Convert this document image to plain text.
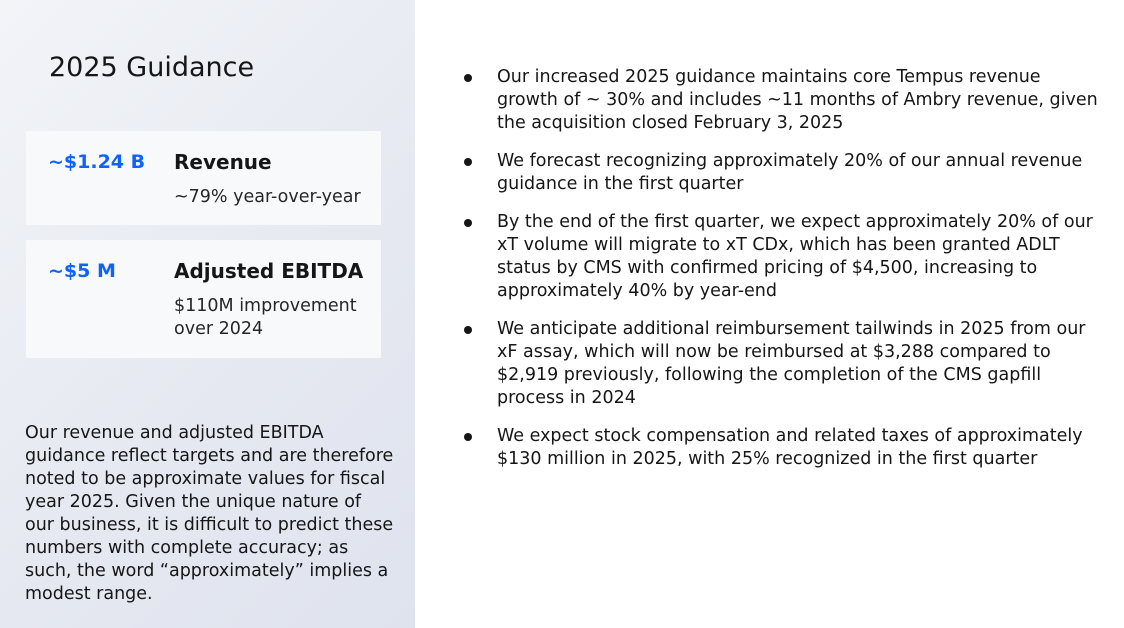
2025 Guidance
~$1.24 B Revenue
~79% year-over-year
~$5 M	Adjusted EBITDA
$110M improvement over 2024

Our revenue and adjusted EBITDA guidance reflect targets and are therefore noted to be approximate values for fiscal year 2025. Given the unique nature of our business, it is difficult to predict these numbers with complete accuracy; as such, the word “approximately” implies a modest range.

Our increased 2025 guidance maintains core Tempus revenue growth of ~ 30% and includes ~11 months of Ambry revenue, given the acquisition closed February 3, 2025
We forecast recognizing approximately 20% of our annual revenue guidance in the first quarter
By the end of the first quarter, we expect approximately 20% of our xT volume will migrate to xT CDx, which has been granted ADLT status by CMS with confirmed pricing of $4,500, increasing to approximately 40% by year-end
We anticipate additional reimbursement tailwinds in 2025 from our xF assay, which will now be reimbursed at $3,288 compared to $2,919 previously, following the completion of the CMS gapfill process in 2024
We expect stock compensation and related taxes of approximately $130 million in 2025, with 25% recognized in the first quarter
